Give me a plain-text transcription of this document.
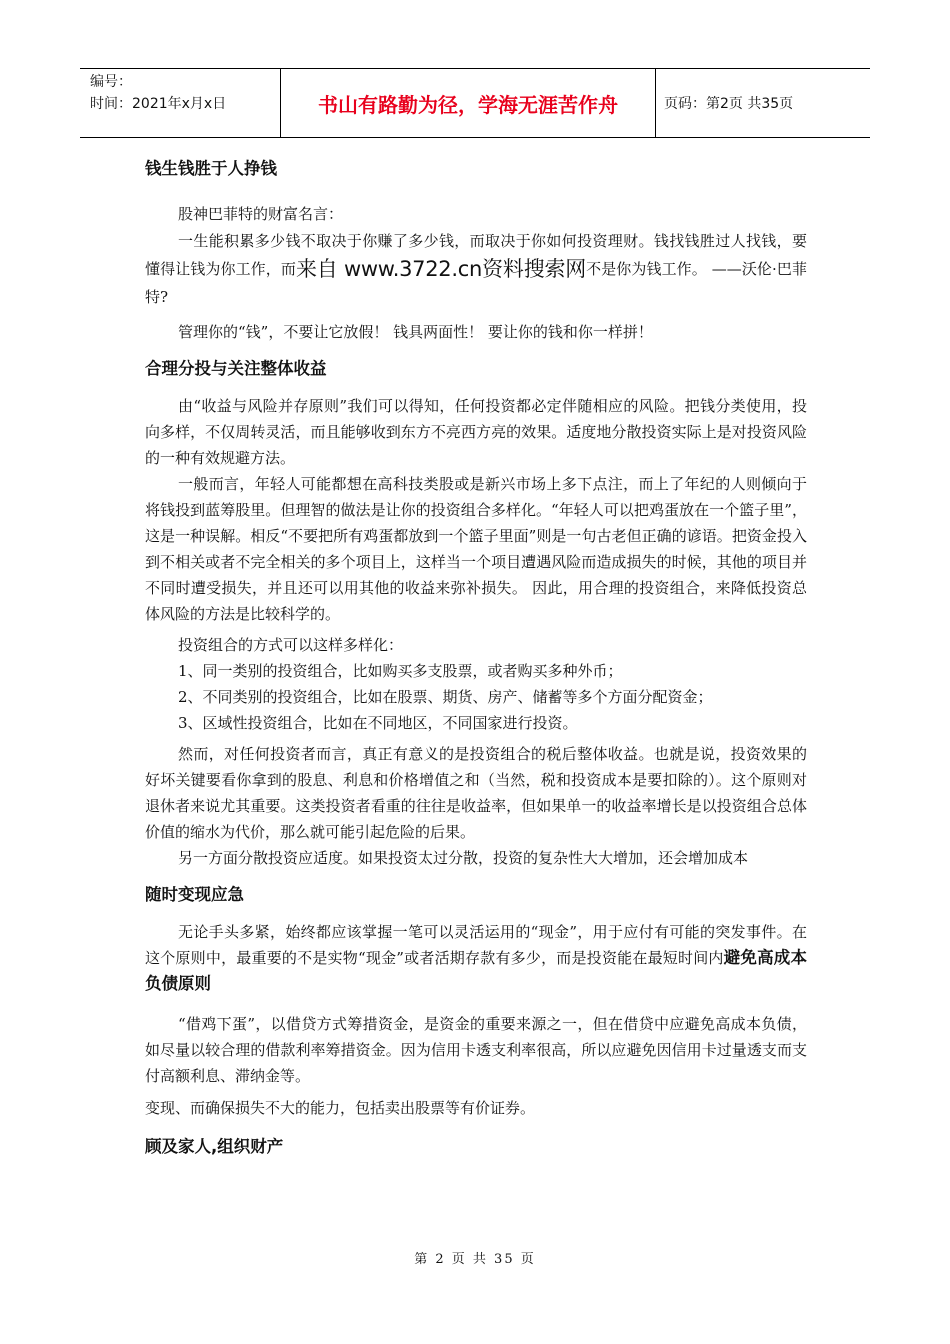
编号：
时间：2021年x月x日	书山有路勤为径，学海无涯苦作舟	页码：第2页 共35页
钱生钱胜于人挣钱

股神巴菲特的财富名言：

一生能积累多少钱不取决于你赚了多少钱，而取决于你如何投资理财。钱找钱胜过人找钱，要懂得让钱为你工作，而来自 www.3722.cn资料搜索网不是你为钱工作。 ——沃伦·巴菲特?

管理你的“钱”，不要让它放假！ 钱具两面性！ 要让你的钱和你一样拼！

合理分投与关注整体收益

由“收益与风险并存原则”我们可以得知，任何投资都必定伴随相应的风险。把钱分类使用，投向多样，不仅周转灵活，而且能够收到东方不亮西方亮的效果。适度地分散投资实际上是对投资风险的一种有效规避方法。

一般而言，年轻人可能都想在高科技类股或是新兴市场上多下点注，而上了年纪的人则倾向于将钱投到蓝筹股里。但理智的做法是让你的投资组合多样化。“年轻人可以把鸡蛋放在一个篮子里”，这是一种误解。相反“不要把所有鸡蛋都放到一个篮子里面”则是一句古老但正确的谚语。把资金投入到不相关或者不完全相关的多个项目上，这样当一个项目遭遇风险而造成损失的时候，其他的项目并不同时遭受损失，并且还可以用其他的收益来弥补损失。 因此，用合理的投资组合，来降低投资总体风险的方法是比较科学的。

投资组合的方式可以这样多样化：

1、同一类别的投资组合，比如购买多支股票，或者购买多种外币；

2、不同类别的投资组合，比如在股票、期货、房产、储蓄等多个方面分配资金；

3、区域性投资组合，比如在不同地区，不同国家进行投资。

然而，对任何投资者而言，真正有意义的是投资组合的税后整体收益。也就是说，投资效果的好坏关键要看你拿到的股息、利息和价格增值之和（当然，税和投资成本是要扣除的）。这个原则对退休者来说尤其重要。这类投资者看重的往往是收益率，但如果单一的收益率增长是以投资组合总体价值的缩水为代价，那么就可能引起危险的后果。

另一方面分散投资应适度。如果投资太过分散，投资的复杂性大大增加，还会增加成本

随时变现应急

无论手头多紧，始终都应该掌握一笔可以灵活运用的“现金”，用于应付有可能的突发事件。在这个原则中，最重要的不是实物“现金”或者活期存款有多少，而是投资能在最短时间内避免高成本负债原则

“借鸡下蛋”，以借贷方式筹措资金，是资金的重要来源之一，但在借贷中应避免高成本负债，如尽量以较合理的借款利率筹措资金。因为信用卡透支利率很高，所以应避免因信用卡过量透支而支付高额利息、滞纳金等。

变现、而确保损失不大的能力，包括卖出股票等有价证券。

顾及家人,组织财产
第 2 页 共 35 页
